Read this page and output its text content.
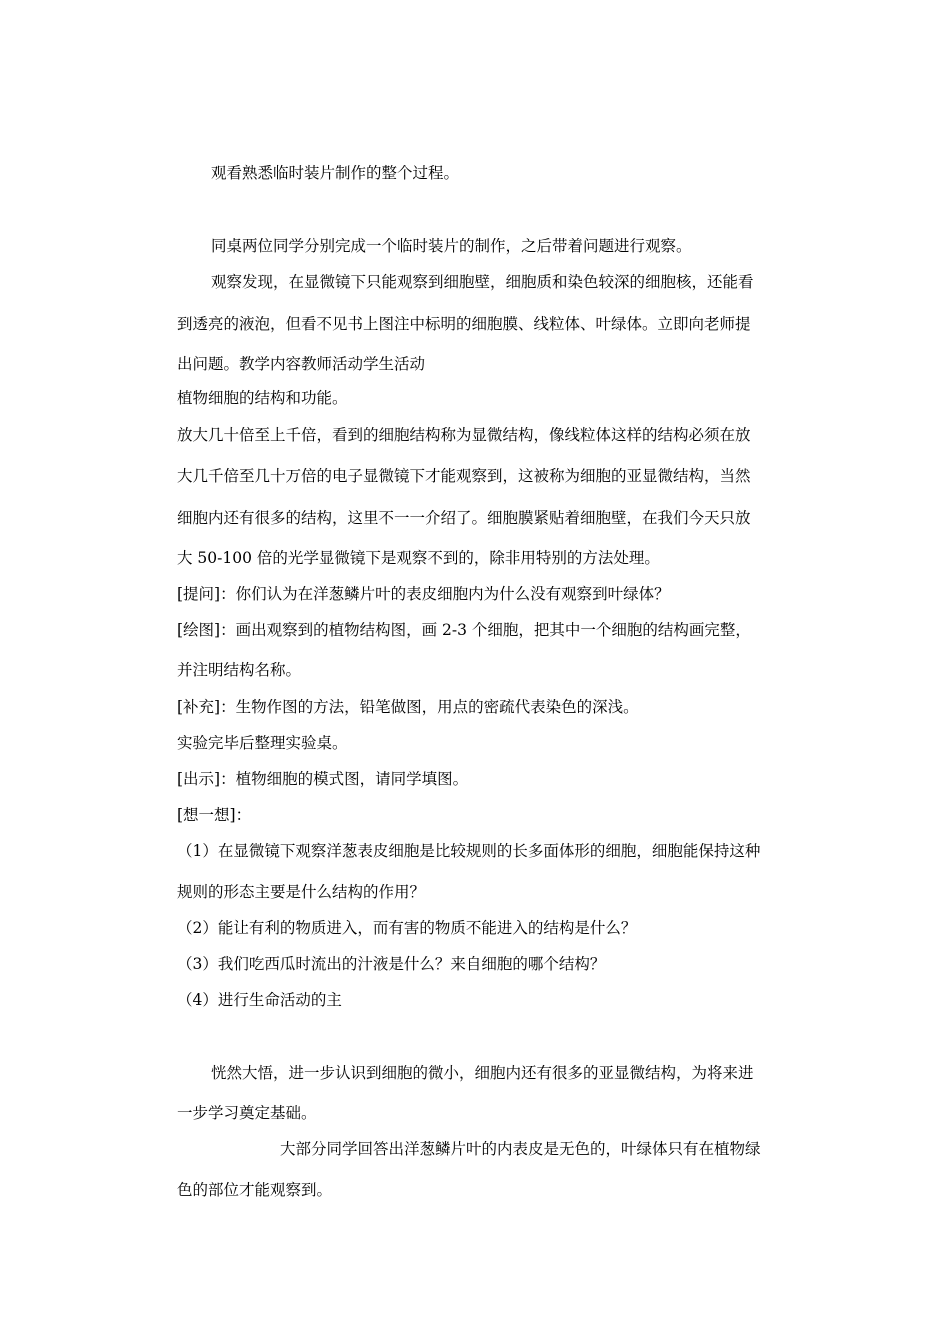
观看熟悉临时装片制作的整个过程。
同桌两位同学分别完成一个临时装片的制作，之后带着问题进行观察。
观察发现，在显微镜下只能观察到细胞壁，细胞质和染色较深的细胞核，还能看
到透亮的液泡，但看不见书上图注中标明的细胞膜、线粒体、叶绿体。立即向老师提
出问题。教学内容教师活动学生活动
植物细胞的结构和功能。
放大几十倍至上千倍，看到的细胞结构称为显微结构，像线粒体这样的结构必须在放
大几千倍至几十万倍的电子显微镜下才能观察到，这被称为细胞的亚显微结构，当然
细胞内还有很多的结构，这里不一一介绍了。细胞膜紧贴着细胞壁，在我们今天只放
大 50-100 倍的光学显微镜下是观察不到的，除非用特别的方法处理。
[提问]：你们认为在洋葱鳞片叶的表皮细胞内为什么没有观察到叶绿体？
[绘图]：画出观察到的植物结构图，画 2-3 个细胞，把其中一个细胞的结构画完整，
并注明结构名称。
[补充]：生物作图的方法，铅笔做图，用点的密疏代表染色的深浅。
实验完毕后整理实验桌。
[出示]：植物细胞的模式图，请同学填图。
[想一想]：
（1）在显微镜下观察洋葱表皮细胞是比较规则的长多面体形的细胞，细胞能保持这种
规则的形态主要是什么结构的作用？
（2）能让有利的物质进入，而有害的物质不能进入的结构是什么？
（3）我们吃西瓜时流出的汁液是什么？来自细胞的哪个结构？
（4）进行生命活动的主
恍然大悟，进一步认识到细胞的微小，细胞内还有很多的亚显微结构，为将来进
一步学习奠定基础。
大部分同学回答出洋葱鳞片叶的内表皮是无色的，叶绿体只有在植物绿
色的部位才能观察到。
